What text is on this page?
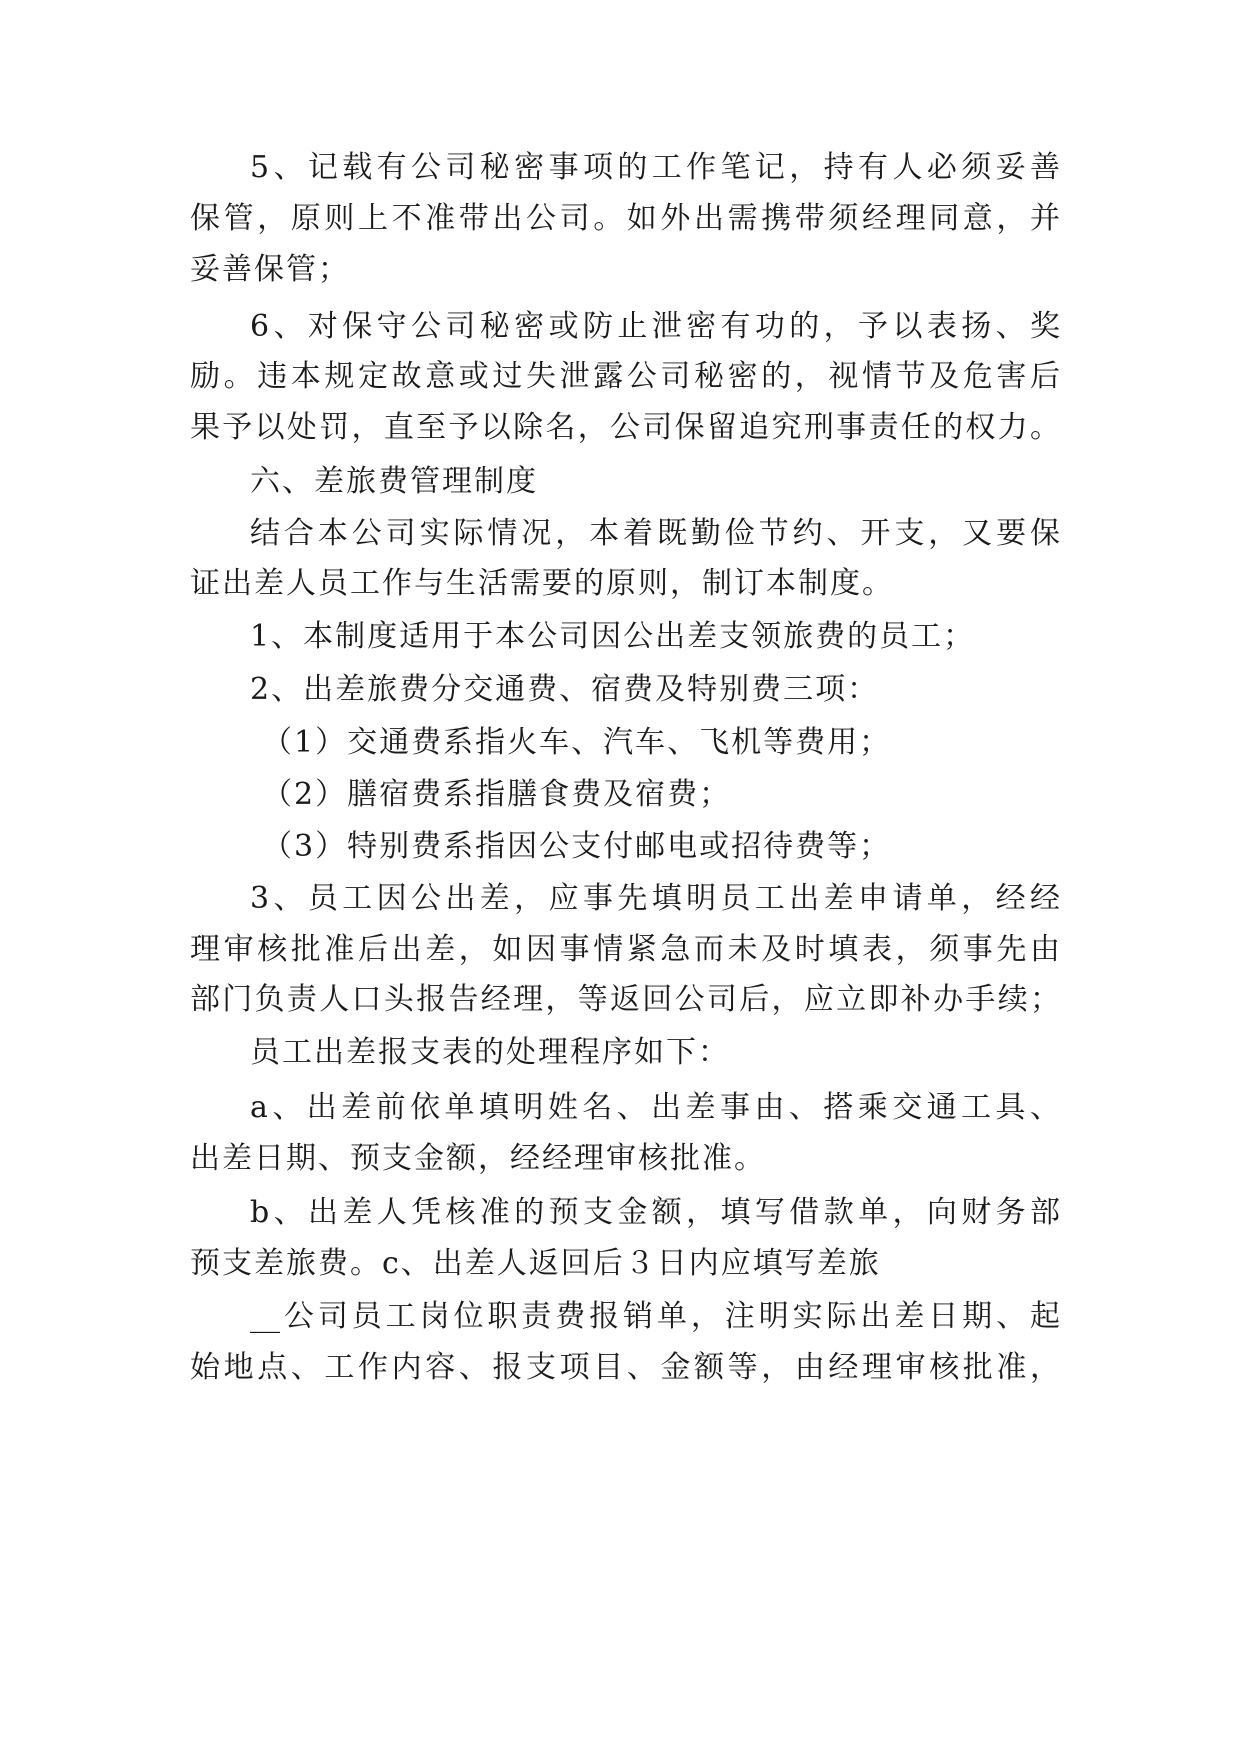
5、记载有公司秘密事项的工作笔记，持有人必须妥善

保管，原则上不准带出公司。如外出需携带须经理同意，并

妥善保管；

6、对保守公司秘密或防止泄密有功的，予以表扬、奖

励。违本规定故意或过失泄露公司秘密的，视情节及危害后

果予以处罚，直至予以除名，公司保留追究刑事责任的权力。

六、差旅费管理制度

结合本公司实际情况，本着既勤俭节约、开支，又要保

证出差人员工作与生活需要的原则，制订本制度。

1、本制度适用于本公司因公出差支领旅费的员工；

2、出差旅费分交通费、宿费及特别费三项：

（1）交通费系指火车、汽车、飞机等费用；

（2）膳宿费系指膳食费及宿费；

（3）特别费系指因公支付邮电或招待费等；

3、员工因公出差，应事先填明员工出差申请单，经经

理审核批准后出差，如因事情紧急而未及时填表，须事先由

部门负责人口头报告经理，等返回公司后，应立即补办手续；

员工出差报支表的处理程序如下：

a、出差前依单填明姓名、出差事由、搭乘交通工具、

出差日期、预支金额，经经理审核批准。

b、出差人凭核准的预支金额，填写借款单，向财务部

预支差旅费。c、出差人返回后３日内应填写差旅

__公司员工岗位职责费报销单，注明实际出差日期、起

始地点、工作内容、报支项目、金额等，由经理审核批准，
